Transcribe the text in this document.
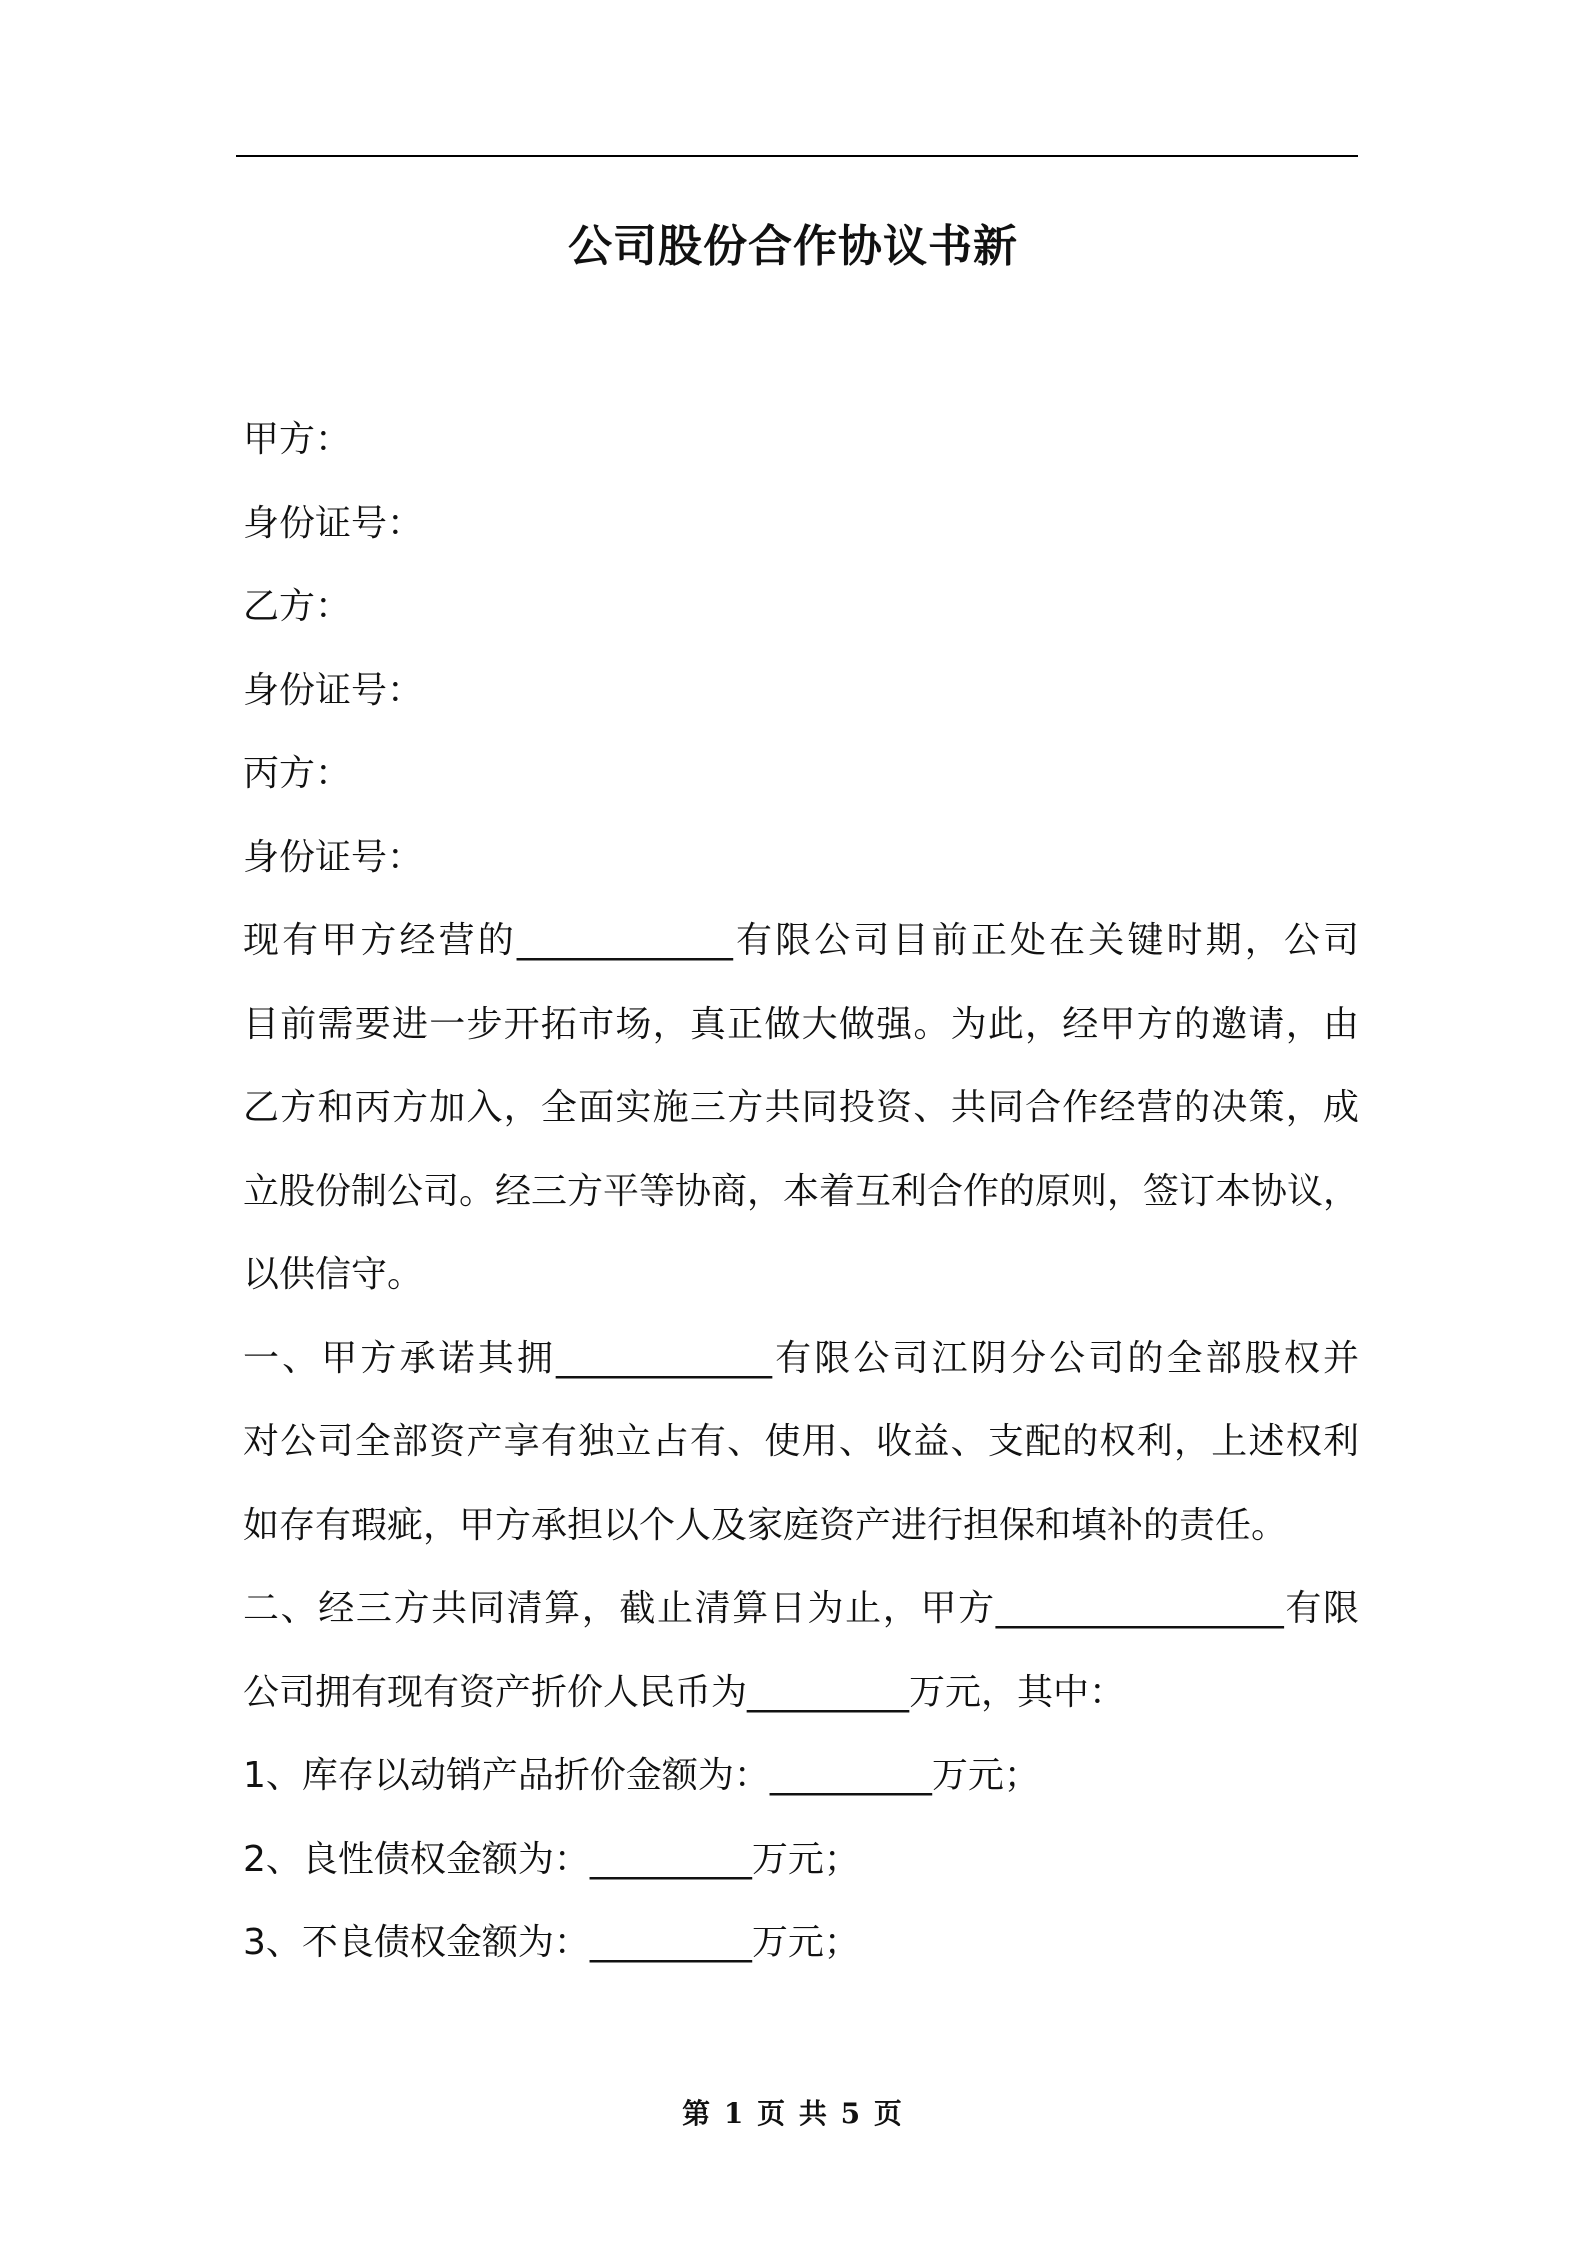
公司股份合作协议书新

甲方：

身份证号：

乙方：

身份证号：

丙方：

身份证号：

现有甲方经营的____________有限公司目前正处在关键时期，公司
目前需要进一步开拓市场，真正做大做强。为此，经甲方的邀请，由
乙方和丙方加入，全面实施三方共同投资、共同合作经营的决策，成
立股份制公司。经三方平等协商，本着互利合作的原则，签订本协议，
以供信守。
一、甲方承诺其拥____________有限公司江阴分公司的全部股权并
对公司全部资产享有独立占有、使用、收益、支配的权利，上述权利
如存有瑕疵，甲方承担以个人及家庭资产进行担保和填补的责任。
二、经三方共同清算，截止清算日为止，甲方________________有限
公司拥有现有资产折价人民币为_________万元，其中：

1、库存以动销产品折价金额为：_________万元；

2、良性债权金额为：_________万元；

3、不良债权金额为：_________万元；

第 1 页 共 5 页
